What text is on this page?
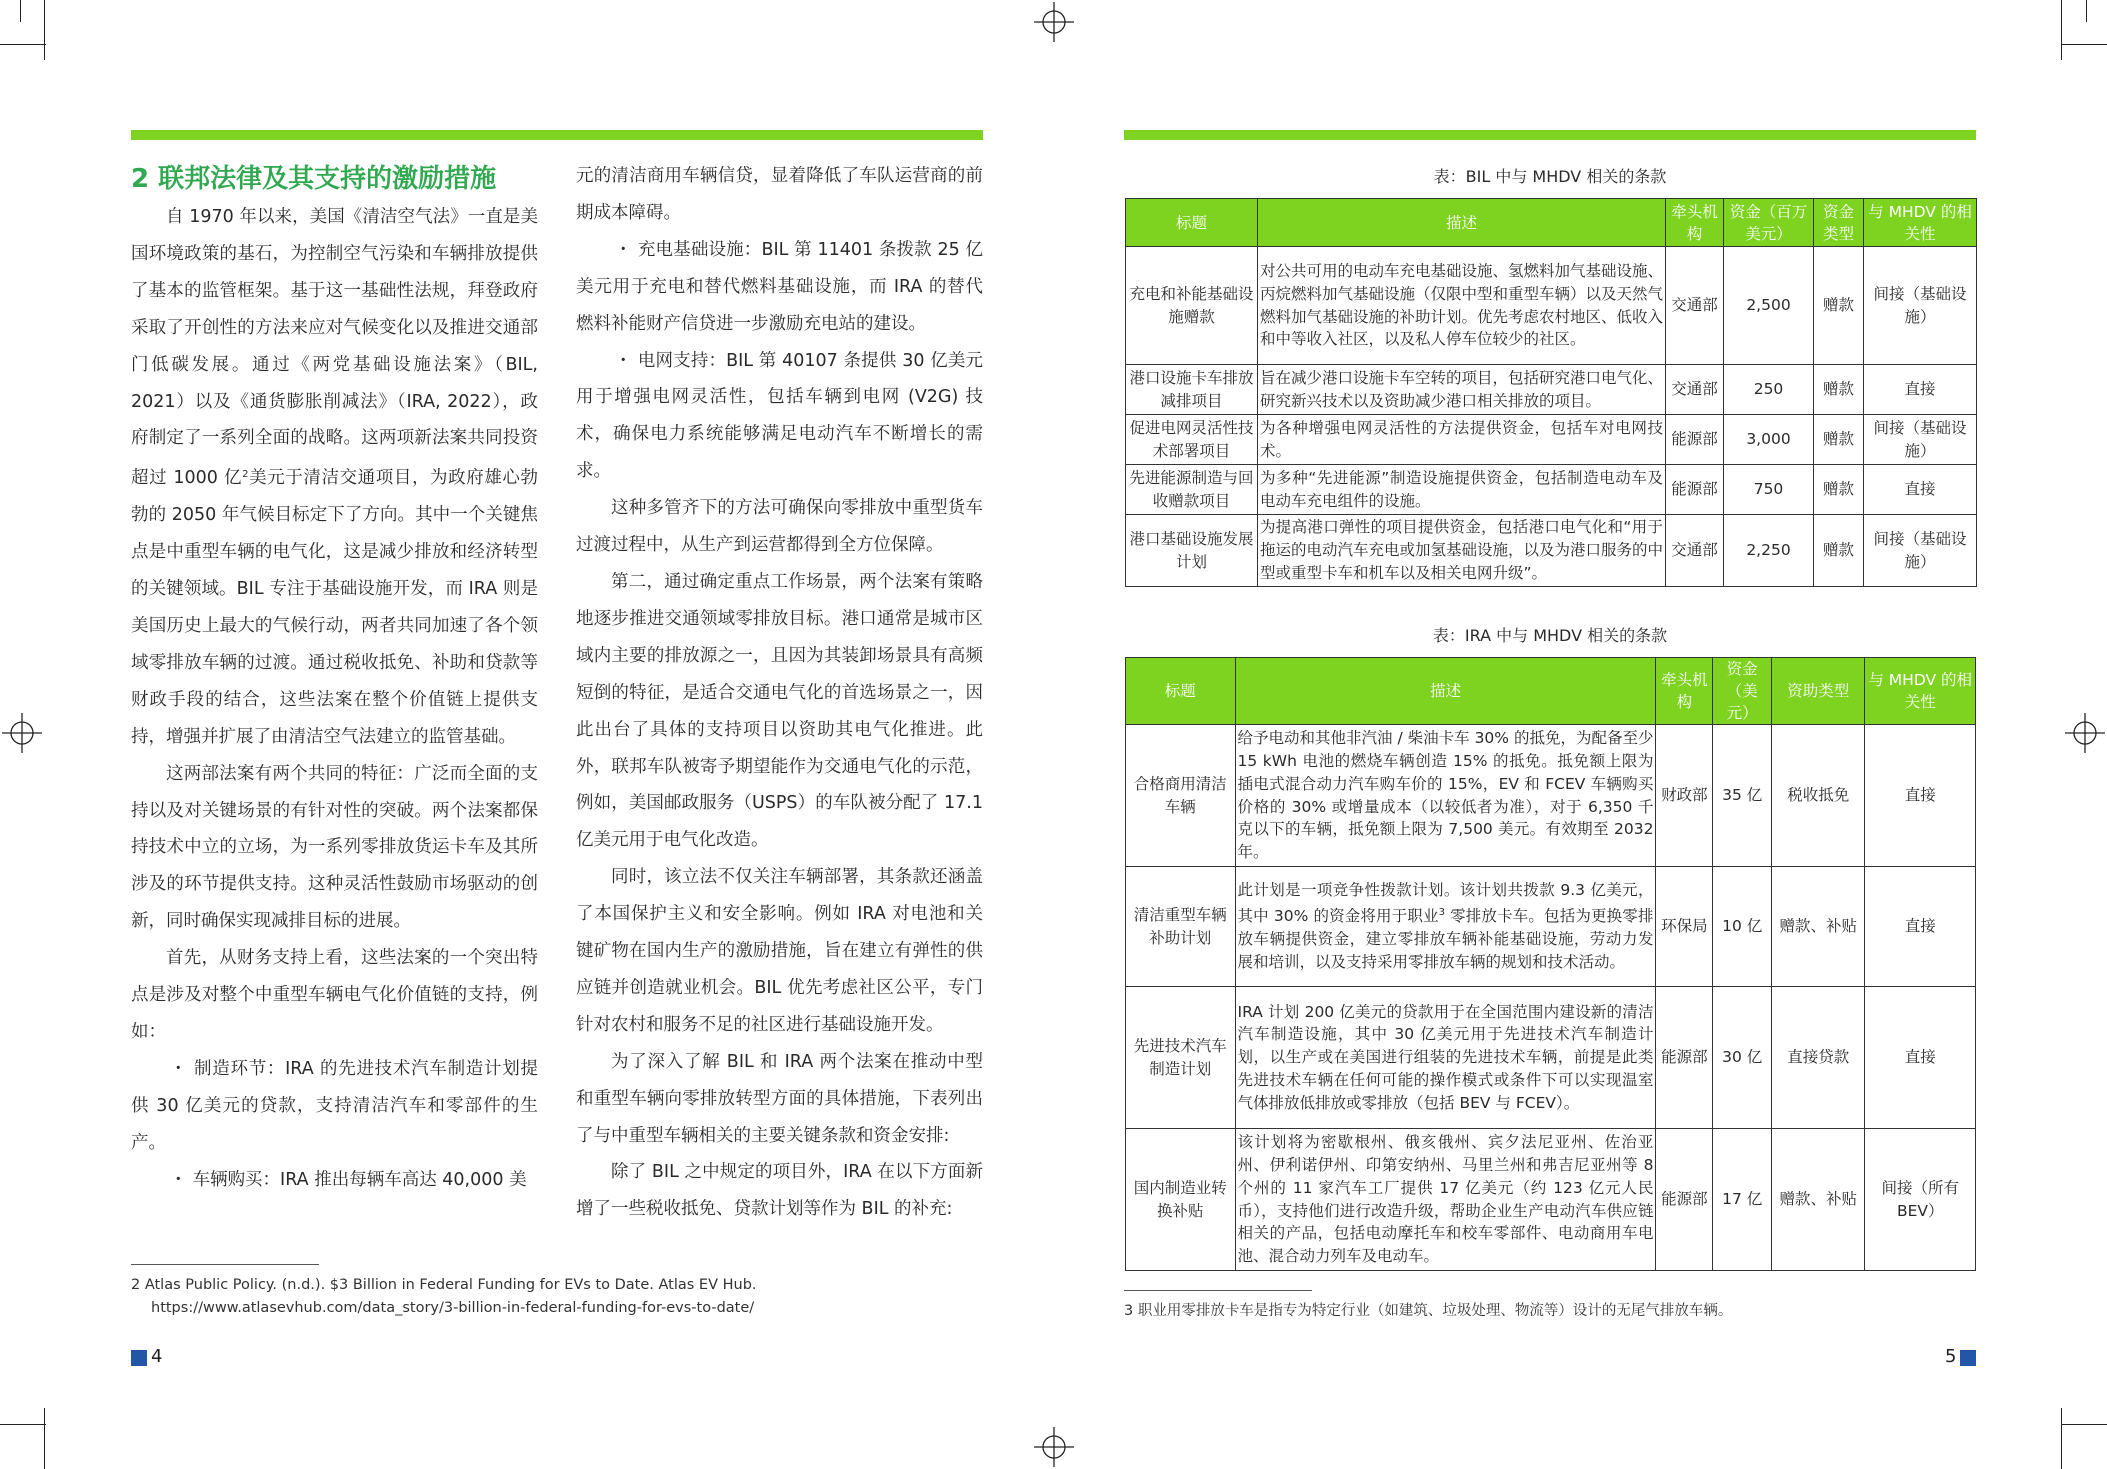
2 联邦法律及其支持的激励措施

自 1970 年以来，美国《清洁空气法》一直是美国环境政策的基石，为控制空气污染和车辆排放提供了基本的监管框架。基于这一基础性法规，拜登政府采取了开创性的方法来应对气候变化以及推进交通部门低碳发展。通过《两党基础设施法案》（BIL, 2021）以及《通货膨胀削减法》（IRA, 2022），政府制定了一系列全面的战略。这两项新法案共同投资超过 1000 亿$^2$美元于清洁交通项目，为政府雄心勃勃的 2050 年气候目标定下了方向。其中一个关键焦点是中重型车辆的电气化，这是减少排放和经济转型的关键领域。BIL 专注于基础设施开发，而 IRA 则是美国历史上最大的气候行动，两者共同加速了各个领域零排放车辆的过渡。通过税收抵免、补助和贷款等财政手段的结合，这些法案在整个价值链上提供支持，增强并扩展了由清洁空气法建立的监管基础。

这两部法案有两个共同的特征：广泛而全面的支持以及对关键场景的有针对性的突破。两个法案都保持技术中立的立场，为一系列零排放货运卡车及其所涉及的环节提供支持。这种灵活性鼓励市场驱动的创新，同时确保实现减排目标的进展。

首先，从财务支持上看，这些法案的一个突出特点是涉及对整个中重型车辆电气化价值链的支持，例如：

・ 制造环节：IRA 的先进技术汽车制造计划提供 30 亿美元的贷款，支持清洁汽车和零部件的生产。

・ 车辆购买：IRA 推出每辆车高达 40,000 美

元的清洁商用车辆信贷，显着降低了车队运营商的前期成本障碍。

・ 充电基础设施：BIL 第 11401 条拨款 25 亿美元用于充电和替代燃料基础设施，而 IRA 的替代燃料补能财产信贷进一步激励充电站的建设。

・ 电网支持：BIL 第 40107 条提供 30 亿美元用于增强电网灵活性，包括车辆到电网 (V2G) 技术，确保电力系统能够满足电动汽车不断增长的需求。

这种多管齐下的方法可确保向零排放中重型货车过渡过程中，从生产到运营都得到全方位保障。

第二，通过确定重点工作场景，两个法案有策略地逐步推进交通领域零排放目标。港口通常是城市区域内主要的排放源之一，且因为其装卸场景具有高频短倒的特征，是适合交通电气化的首选场景之一，因此出台了具体的支持项目以资助其电气化推进。此外，联邦车队被寄予期望能作为交通电气化的示范，例如，美国邮政服务（USPS）的车队被分配了 17.1 亿美元用于电气化改造。

同时，该立法不仅关注车辆部署，其条款还涵盖了本国保护主义和安全影响。例如 IRA 对电池和关键矿物在国内生产的激励措施，旨在建立有弹性的供应链并创造就业机会。BIL 优先考虑社区公平，专门针对农村和服务不足的社区进行基础设施开发。

为了深入了解 BIL 和 IRA 两个法案在推动中型和重型车辆向零排放转型方面的具体措施，下表列出了与中重型车辆相关的主要关键条款和资金安排:

除了 BIL 之中规定的项目外，IRA 在以下方面新增了一些税收抵免、贷款计划等作为 BIL 的补充:

2 Atlas Public Policy. (n.d.). $3 Billion in Federal Funding for EVs to Date. Atlas EV Hub.
https://www.atlasevhub.com/data_story/3-billion-in-federal-funding-for-evs-to-date/
4
表：BIL 中与 MHDV 相关的条款
标题	描述	牵头机构	资金（百万美元）	资金类型	与 MHDV 的相关性
充电和补能基础设施赠款	对公共可用的电动车充电基础设施、氢燃料加气基础设施、丙烷燃料加气基础设施（仅限中型和重型车辆）以及天然气燃料加气基础设施的补助计划。优先考虑农村地区、低收入和中等收入社区，以及私人停车位较少的社区。	交通部	2,500	赠款	间接（基础设施）
港口设施卡车排放减排项目	旨在减少港口设施卡车空转的项目，包括研究港口电气化、研究新兴技术以及资助减少港口相关排放的项目。	交通部	250	赠款	直接
促进电网灵活性技术部署项目	为各种增强电网灵活性的方法提供资金，包括车对电网技术。	能源部	3,000	赠款	间接（基础设施）
先进能源制造与回收赠款项目	为多种“先进能源”制造设施提供资金，包括制造电动车及电动车充电组件的设施。	能源部	750	赠款	直接
港口基础设施发展计划	为提高港口弹性的项目提供资金，包括港口电气化和“用于拖运的电动汽车充电或加氢基础设施，以及为港口服务的中型或重型卡车和机车以及相关电网升级”。	交通部	2,250	赠款	间接（基础设施）
表：IRA 中与 MHDV 相关的条款
标题	描述	牵头机构	资金（美元）	资助类型	与 MHDV 的相关性
合格商用清洁车辆	给予电动和其他非汽油 / 柴油卡车 30% 的抵免，为配备至少 15 kWh 电池的燃烧车辆创造 15% 的抵免。抵免额上限为插电式混合动力汽车购车价的 15%，EV 和 FCEV 车辆购买价格的 30% 或增量成本（以较低者为准），对于 6,350 千克以下的车辆，抵免额上限为 7,500 美元。有效期至 2032 年。	财政部	35 亿	税收抵免	直接
清洁重型车辆补助计划	此计划是一项竞争性拨款计划。该计划共拨款 9.3 亿美元，其中 30% 的资金将用于职业$^3$ 零排放卡车。包括为更换零排放车辆提供资金，建立零排放车辆补能基础设施，劳动力发展和培训，以及支持采用零排放车辆的规划和技术活动。	环保局	10 亿	赠款、补贴	直接
先进技术汽车制造计划	IRA 计划 200 亿美元的贷款用于在全国范围内建设新的清洁汽车制造设施，其中 30 亿美元用于先进技术汽车制造计划，以生产或在美国进行组装的先进技术车辆，前提是此类先进技术车辆在任何可能的操作模式或条件下可以实现温室气体排放低排放或零排放（包括 BEV 与 FCEV）。	能源部	30 亿	直接贷款	直接
国内制造业转换补贴	该计划将为密歇根州、俄亥俄州、宾夕法尼亚州、佐治亚州、伊利诺伊州、印第安纳州、马里兰州和弗吉尼亚州等 8 个州的 11 家汽车工厂提供 17 亿美元（约 123 亿元人民币），支持他们进行改造升级，帮助企业生产电动汽车供应链相关的产品，包括电动摩托车和校车零部件、电动商用车电池、混合动力列车及电动车。	能源部	17 亿	赠款、补贴	间接（所有 BEV）
3 职业用零排放卡车是指专为特定行业（如建筑、垃圾处理、物流等）设计的无尾气排放车辆。
5
